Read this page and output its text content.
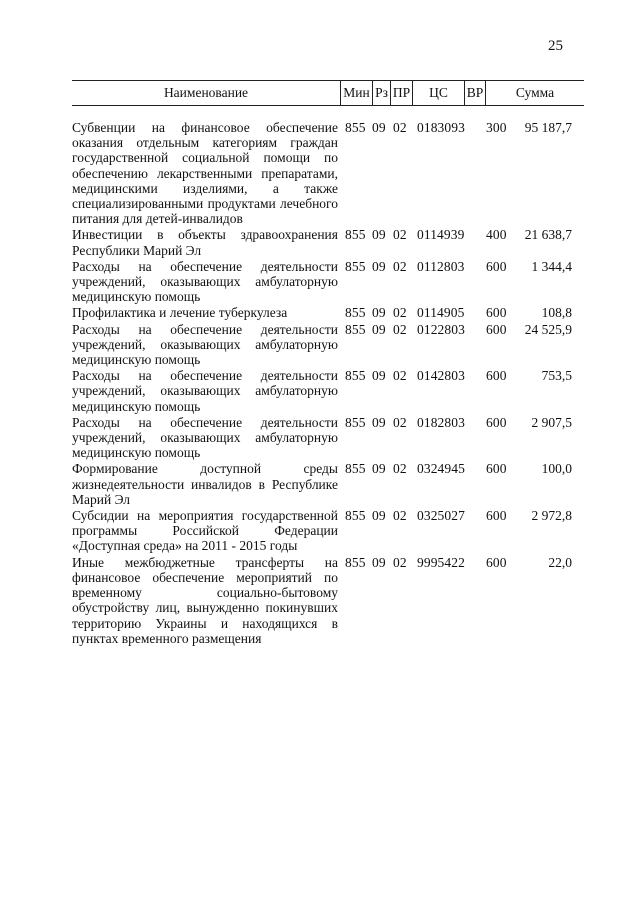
25
Наименование	Мин Рз ПР	ЦС	ВР	Сумма
Субвенции на финансовое обеспечение оказания отдельным категориям граждан государственной социальной помощи по обеспечению лекарственными препаратами, медицинскими изделиями, а также специализированными продуктами лечебного питания для детей-инвалидов
855 09 02 0183093 300	95 187,7
Инвестиции в объекты здравоохранения Республики Марий Эл
855 09 02 0114939 400	21 638,7
Расходы на обеспечение деятельности учреждений, оказывающих амбулаторную медицинскую помощь
855 09 02 0112803 600	1 344,4
Профилактика и лечение туберкулеза	855 09 02 0114905 600	108,8
Расходы на обеспечение деятельности учреждений, оказывающих амбулаторную медицинскую помощь
855 09 02 0122803 600	24 525,9
Расходы на обеспечение деятельности учреждений, оказывающих амбулаторную медицинскую помощь
855 09 02 0142803 600	753,5
Расходы на обеспечение деятельности учреждений, оказывающих амбулаторную медицинскую помощь
855 09 02 0182803 600	2 907,5
Формирование доступной среды жизнедеятельности инвалидов в Республике Марий Эл
855 09 02 0324945 600	100,0
Субсидии на мероприятия государственной программы Российской Федерации «Доступная среда» на 2011 - 2015 годы
855 09 02 0325027 600	2 972,8
Иные межбюджетные трансферты на финансовое обеспечение мероприятий по временному социально-бытовому обустройству лиц, вынужденно покинувших территорию Украины и находящихся в пунктах временного размещения
855 09 02 9995422 600	22,0
